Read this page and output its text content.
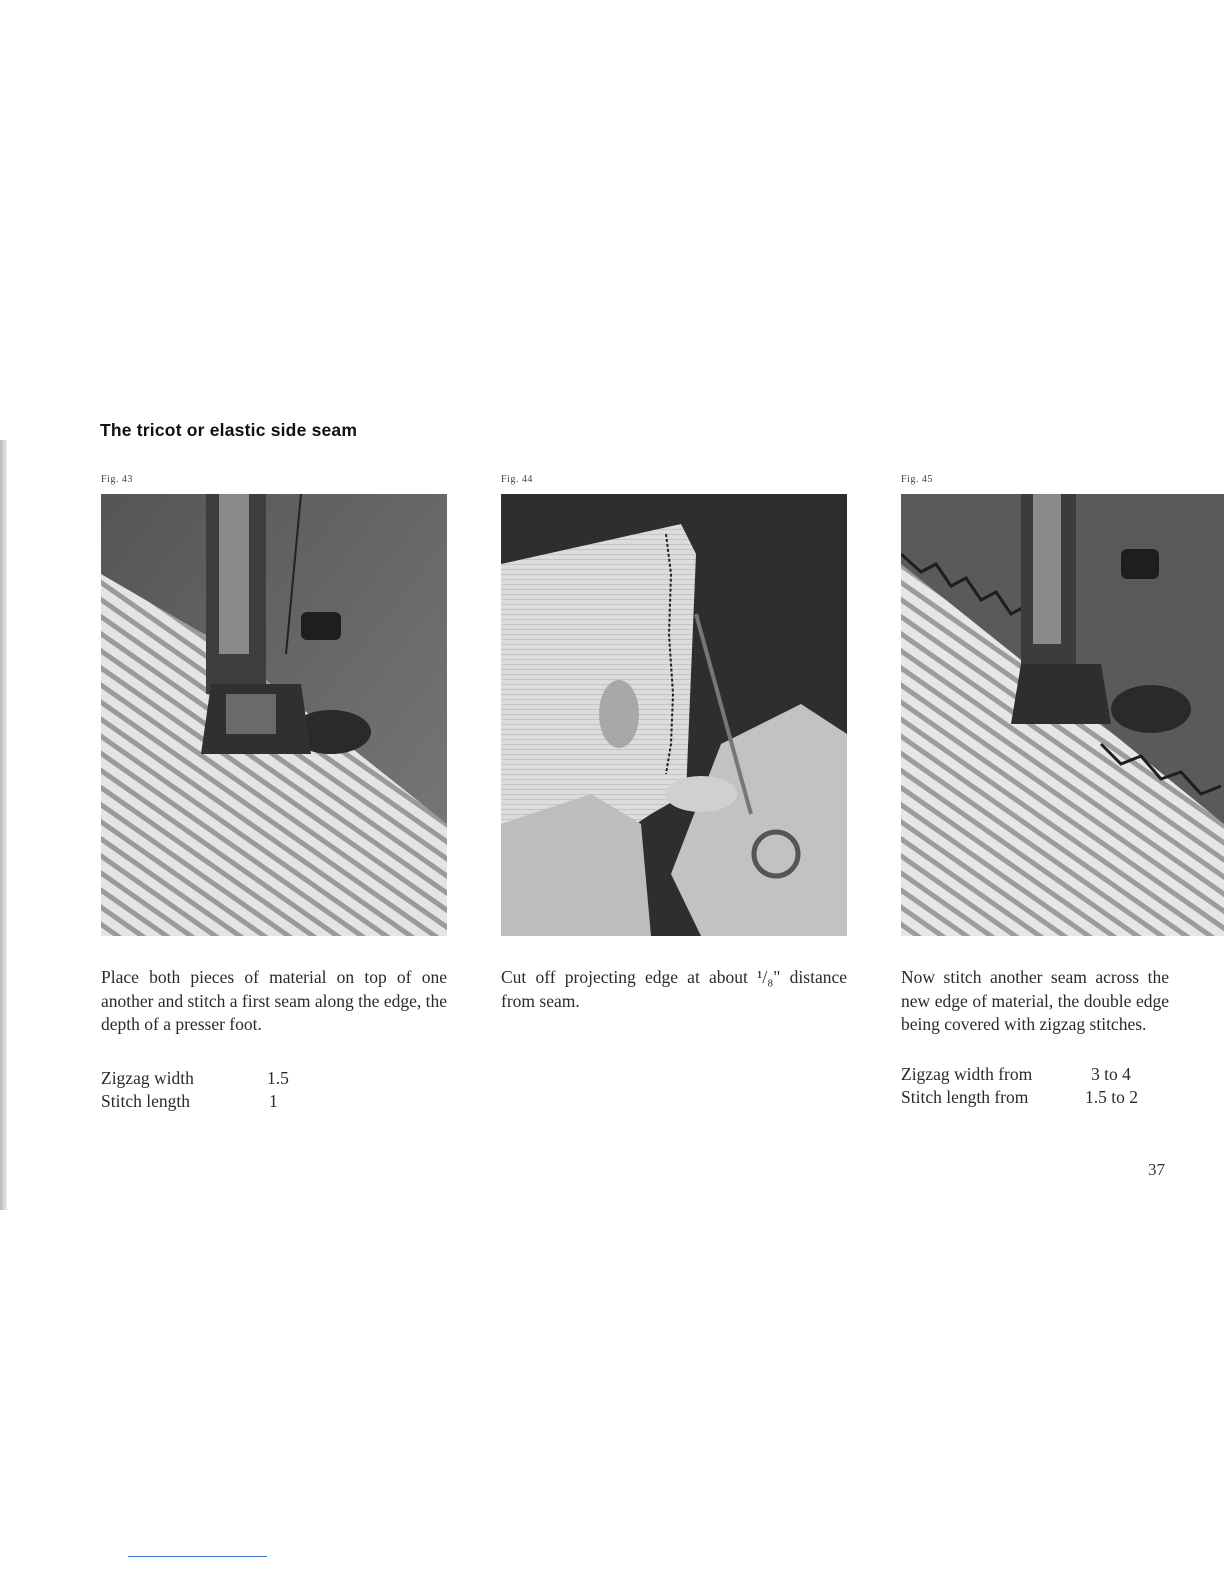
The tricot or elastic side seam
Fig. 43

Place both pieces of material on top of one another and stitch a first seam along the edge, the depth of a presser foot.

Zigzag width	1.5
Stitch length	1
Fig. 44

Cut off projecting edge at about ¹/₈" distance from seam.

Fig. 45

Now stitch another seam across the new edge of material, the double edge being covered with zigzag stitches.

Zigzag width from	3 to 4
Stitch length from	1.5 to 2
37
